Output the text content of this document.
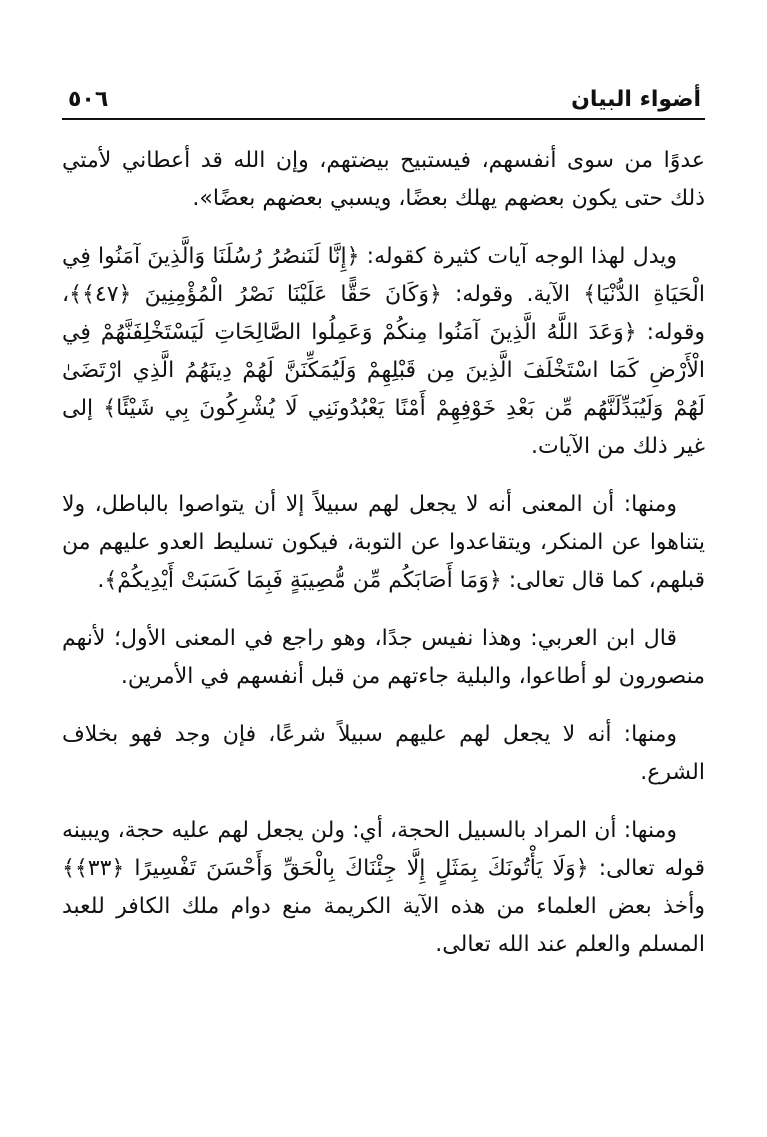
أضواء البيان
٥٠٦

عدوًا من سوى أنفسهم، فيستبيح بيضتهم، وإن الله قد أعطاني لأمتي ذلك حتى يكون بعضهم يهلك بعضًا، ويسبي بعضهم بعضًا».

ويدل لهذا الوجه آيات كثيرة كقوله: ﴿إِنَّا لَنَنصُرُ رُسُلَنَا وَالَّذِينَ آمَنُوا فِي الْحَيَاةِ الدُّنْيَا﴾ الآية. وقوله: ﴿وَكَانَ حَقًّا عَلَيْنَا نَصْرُ الْمُؤْمِنِينَ ﴿٤٧﴾﴾، وقوله: ﴿وَعَدَ اللَّهُ الَّذِينَ آمَنُوا مِنكُمْ وَعَمِلُوا الصَّالِحَاتِ لَيَسْتَخْلِفَنَّهُمْ فِي الْأَرْضِ كَمَا اسْتَخْلَفَ الَّذِينَ مِن قَبْلِهِمْ وَلَيُمَكِّنَنَّ لَهُمْ دِينَهُمُ الَّذِي ارْتَضَىٰ لَهُمْ وَلَيُبَدِّلَنَّهُم مِّن بَعْدِ خَوْفِهِمْ أَمْنًا يَعْبُدُونَنِي لَا يُشْرِكُونَ بِي شَيْئًا﴾ إلى غير ذلك من الآيات.

ومنها: أن المعنى أنه لا يجعل لهم سبيلاً إلا أن يتواصوا بالباطل، ولا يتناهوا عن المنكر، ويتقاعدوا عن التوبة، فيكون تسليط العدو عليهم من قبلهم، كما قال تعالى: ﴿وَمَا أَصَابَكُم مِّن مُّصِيبَةٍ فَبِمَا كَسَبَتْ أَيْدِيكُمْ﴾.

قال ابن العربي: وهذا نفيس جدًا، وهو راجع في المعنى الأول؛ لأنهم منصورون لو أطاعوا، والبلية جاءتهم من قبل أنفسهم في الأمرين.

ومنها: أنه لا يجعل لهم عليهم سبيلاً شرعًا، فإن وجد فهو بخلاف الشرع.

ومنها: أن المراد بالسبيل الحجة، أي: ولن يجعل لهم عليه حجة، ويبينه قوله تعالى: ﴿وَلَا يَأْتُونَكَ بِمَثَلٍ إِلَّا جِئْنَاكَ بِالْحَقِّ وَأَحْسَنَ تَفْسِيرًا ﴿٣٣﴾﴾ وأخذ بعض العلماء من هذه الآية الكريمة منع دوام ملك الكافر للعبد المسلم والعلم عند الله تعالى.
